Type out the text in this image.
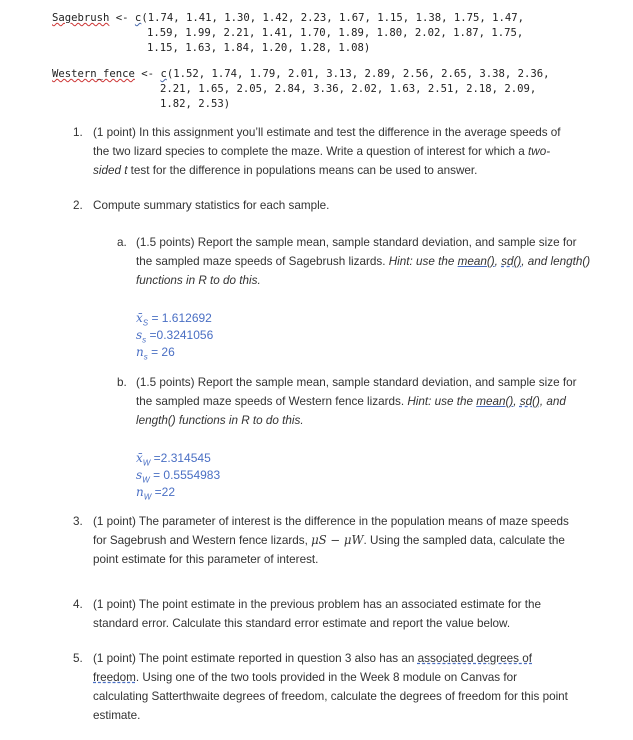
Sagebrush <- c(1.74, 1.41, 1.30, 1.42, 2.23, 1.67, 1.15, 1.38, 1.75, 1.47,
1.59, 1.99, 2.21, 1.41, 1.70, 1.89, 1.80, 2.02, 1.87, 1.75,
1.15, 1.63, 1.84, 1.20, 1.28, 1.08)
Western_fence <- c(1.52, 1.74, 1.79, 2.01, 3.13, 2.89, 2.56, 2.65, 3.38, 2.36,
2.21, 1.65, 2.05, 2.84, 3.36, 2.02, 1.63, 2.51, 2.18, 2.09,
1.82, 2.53)
1. (1 point) In this assignment you’ll estimate and test the difference in the average speeds of
the two lizard species to complete the maze. Write a question of interest for which a two-
sided t test for the difference in populations means can be used to answer.
2. Compute summary statistics for each sample.
a. (1.5 points) Report the sample mean, sample standard deviation, and sample size for
the sampled maze speeds of Sagebrush lizards. Hint: use the mean(), sd(), and length()
functions in R to do this.
$x̄_S = 1.612692$
$s_s =0.3241056$
$n_s = 26$
b. (1.5 points) Report the sample mean, sample standard deviation, and sample size for
the sampled maze speeds of Western fence lizards. Hint: use the mean(), sd(), and
length() functions in R to do this.
$x̄_W =2.314545$
$s_W = 0.5554983$
$n_W =22$
3. (1 point) The parameter of interest is the difference in the population means of maze speeds
for Sagebrush and Western fence lizards, μS − μW. Using the sampled data, calculate the
point estimate for this parameter of interest.
4. (1 point) The point estimate in the previous problem has an associated estimate for the
standard error. Calculate this standard error estimate and report the value below.
5. (1 point) The point estimate reported in question 3 also has an associated degrees of
freedom. Using one of the two tools provided in the Week 8 module on Canvas for
calculating Satterthwaite degrees of freedom, calculate the degrees of freedom for this point
estimate.
